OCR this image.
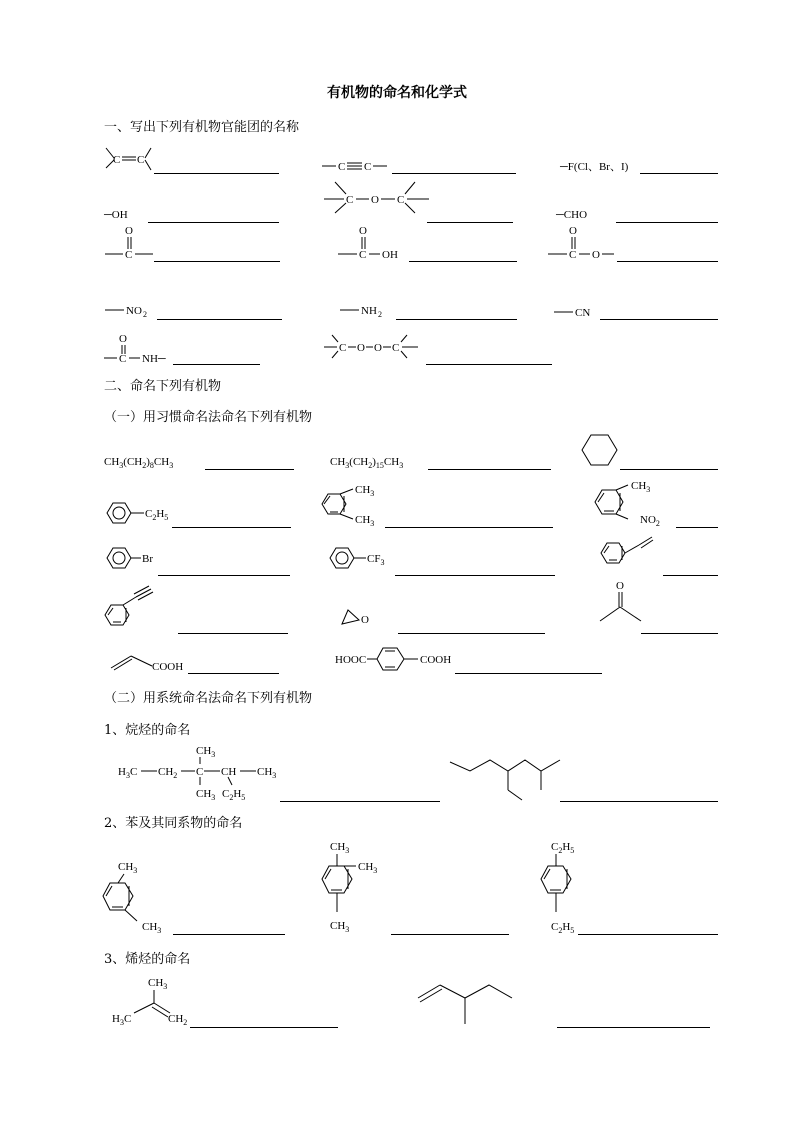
有机物的命名和化学式
一、写出下列有机物官能团的名称
二、命名下列有机物
（一）用习惯命名法命名下列有机物
（二）用系统命名法命名下列有机物
1、烷烃的命名
2、苯及其同系物的命名
3、烯烃的命名
C C
C C	─F(Cl、Br、I)
C O C
─OH	─CHO
O
C
O
C OH
O
C O
NO 2	NH 2	CN
O
C NH─
C O O C
$CH_3(CH_2)_8CH_3$	$CH_3(CH_2)_{15}CH_3$
$C_2H_5$
$CH_3$
$CH_3$
$CH_3$
$NO_2$
Br	$CF_3$
O
O
COOH
HOOC	COOH
$H_3C$ $CH_2$ C CH $CH_3$
$CH_3$
$CH_3$ $C_2H_5$
$CH_3$
$CH_3$
$CH_3$
$CH_3$
$CH_3$
$C_2H_5$
$C_2H_5$
$CH_3$
$H_3C$	$CH_2$
